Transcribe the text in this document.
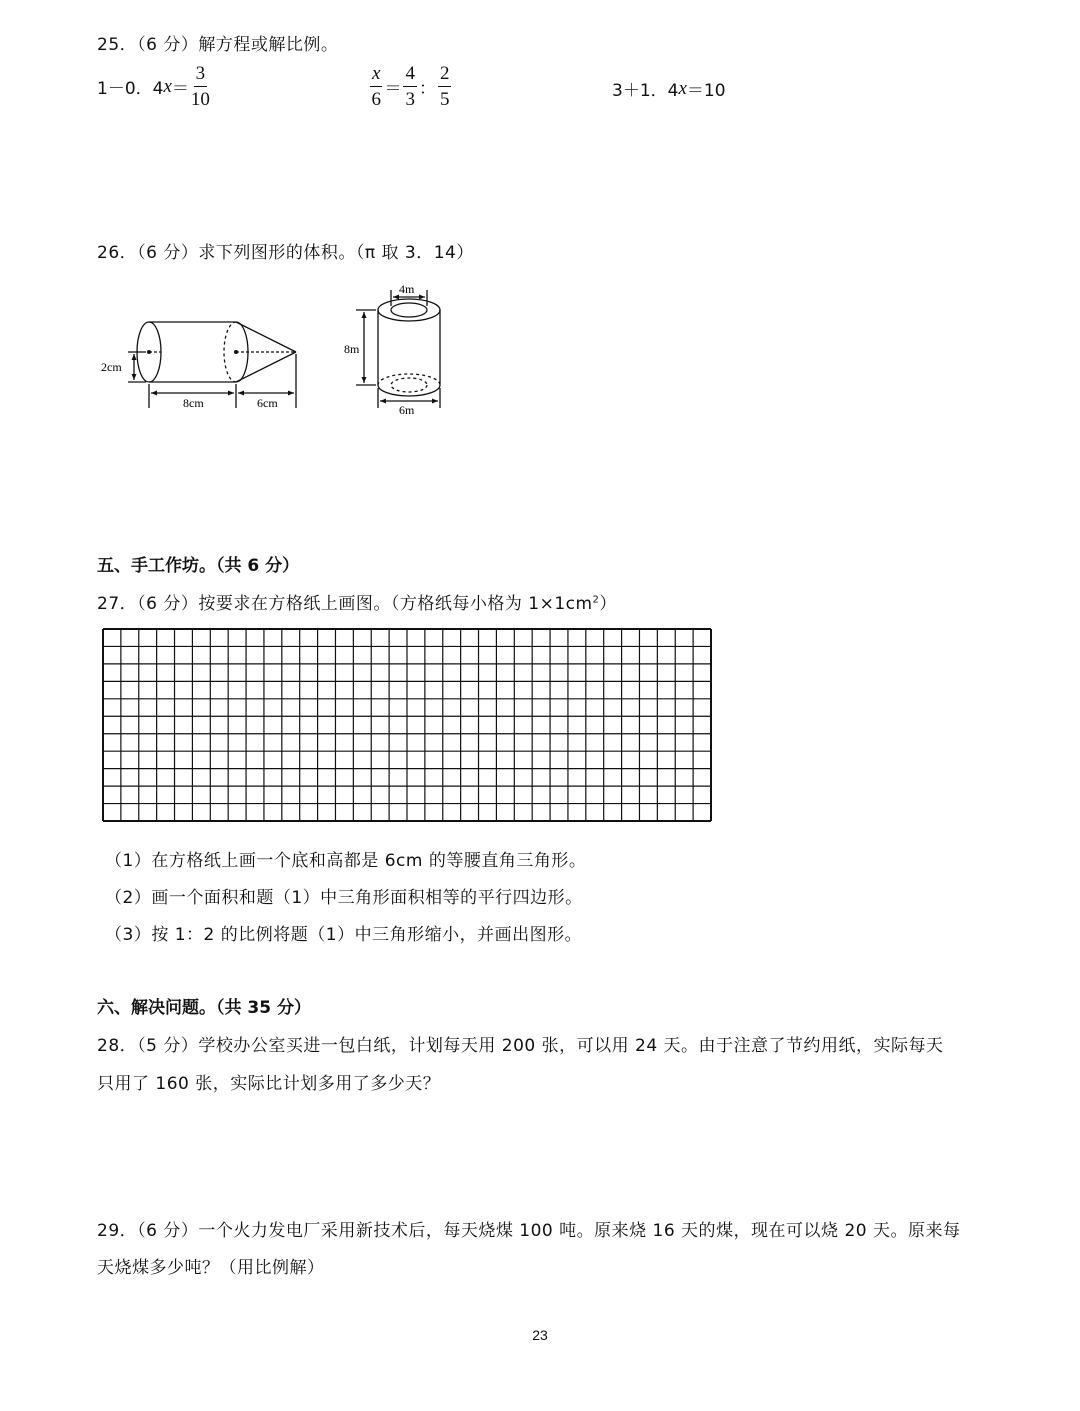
25．（6 分）解方程或解比例。
1－0．4 $x = \frac{3}{10}$	$\frac{x}{6} = \frac{4}{3}$ ： $\frac{2}{5}$	3＋1．4 x ＝10
26．（6 分）求下列图形的体积。（π 取 3．14）
2cm
8cm	6cm
4m
8m
6m
五、手工作坊。（共 6 分）
27．（6 分）按要求在方格纸上画图。（方格纸每小格为 $1\times 1cm^2$）
（1）在方格纸上画一个底和高都是 6cm 的等腰直角三角形。
（2）画一个面积和题（1）中三角形面积相等的平行四边形。
（3）按 1：2 的比例将题（1）中三角形缩小，并画出图形。
六、解决问题。（共 35 分）
28．（5 分）学校办公室买进一包白纸，计划每天用 200 张，可以用 24 天。由于注意了节约用纸，实际每天
只用了 160 张，实际比计划多用了多少天？
29．（6 分）一个火力发电厂采用新技术后，每天烧煤 100 吨。原来烧 16 天的煤，现在可以烧 20 天。原来每
天烧煤多少吨？（用比例解）
23
